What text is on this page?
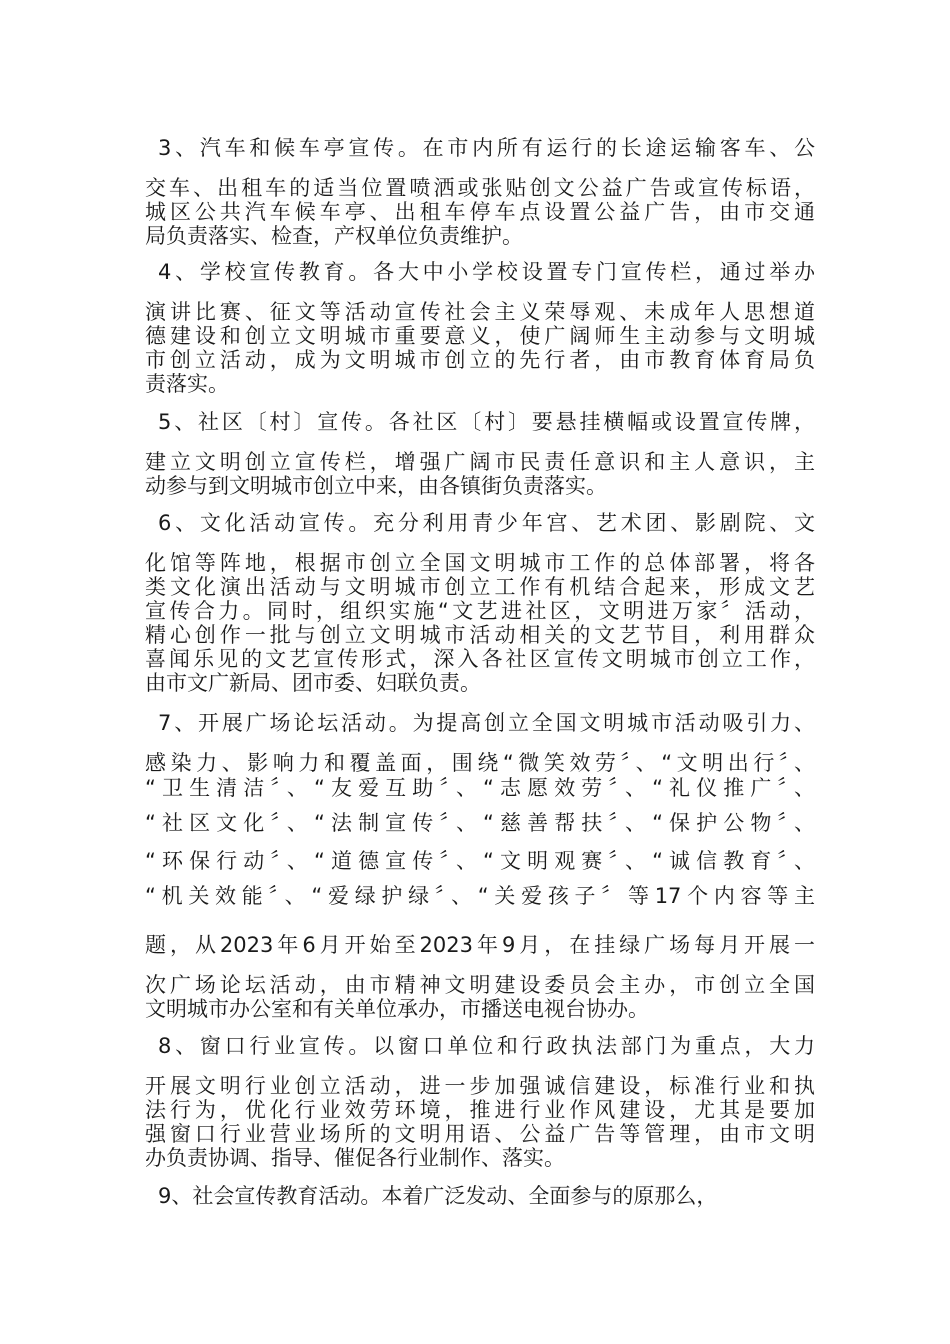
3、汽车和候车亭宣传。在市内所有运行的长途运输客车、公
交车、出租车的适当位置喷洒或张贴创文公益广告或宣传标语，
城区公共汽车候车亭、出租车停车点设置公益广告，由市交通
局负责落实、检查，产权单位负责维护。
4、学校宣传教育。各大中小学校设置专门宣传栏，通过举办
演讲比赛、征文等活动宣传社会主义荣辱观、未成年人思想道
德建设和创立文明城市重要意义，使广阔师生主动参与文明城
市创立活动，成为文明城市创立的先行者，由市教育体育局负
责落实。
5、社区〔村〕宣传。各社区〔村〕要悬挂横幅或设置宣传牌，
建立文明创立宣传栏，增强广阔市民责任意识和主人意识，主
动参与到文明城市创立中来，由各镇街负责落实。
6、文化活动宣传。充分利用青少年宫、艺术团、影剧院、文
化馆等阵地，根据市创立全国文明城市工作的总体部署，将各
类文化演出活动与文明城市创立工作有机结合起来，形成文艺
宣传合力。同时，组织实施“文艺进社区，文明进万家〞活动，
精心创作一批与创立文明城市活动相关的文艺节目，利用群众
喜闻乐见的文艺宣传形式，深入各社区宣传文明城市创立工作，
由市文广新局、团市委、妇联负责。
7、开展广场论坛活动。为提高创立全国文明城市活动吸引力、
感染力、影响力和覆盖面，围绕“微笑效劳〞、“文明出行〞、
“卫生清洁〞、“友爱互助〞、“志愿效劳〞、“礼仪推广〞、
“社区文化〞、“法制宣传〞、“慈善帮扶〞、“保护公物〞、
“环保行动〞、“道德宣传〞、“文明观赛〞、“诚信教育〞、
“机关效能〞、“爱绿护绿〞、“关爱孩子〞等17个内容等主
题，从2023年6月开始至2023年9月，在挂绿广场每月开展一
次广场论坛活动，由市精神文明建设委员会主办，市创立全国
文明城市办公室和有关单位承办，市播送电视台协办。
8、窗口行业宣传。以窗口单位和行政执法部门为重点，大力
开展文明行业创立活动，进一步加强诚信建设，标准行业和执
法行为，优化行业效劳环境，推进行业作风建设，尤其是要加
强窗口行业营业场所的文明用语、公益广告等管理，由市文明
办负责协调、指导、催促各行业制作、落实。
9、社会宣传教育活动。本着广泛发动、全面参与的原那么，
